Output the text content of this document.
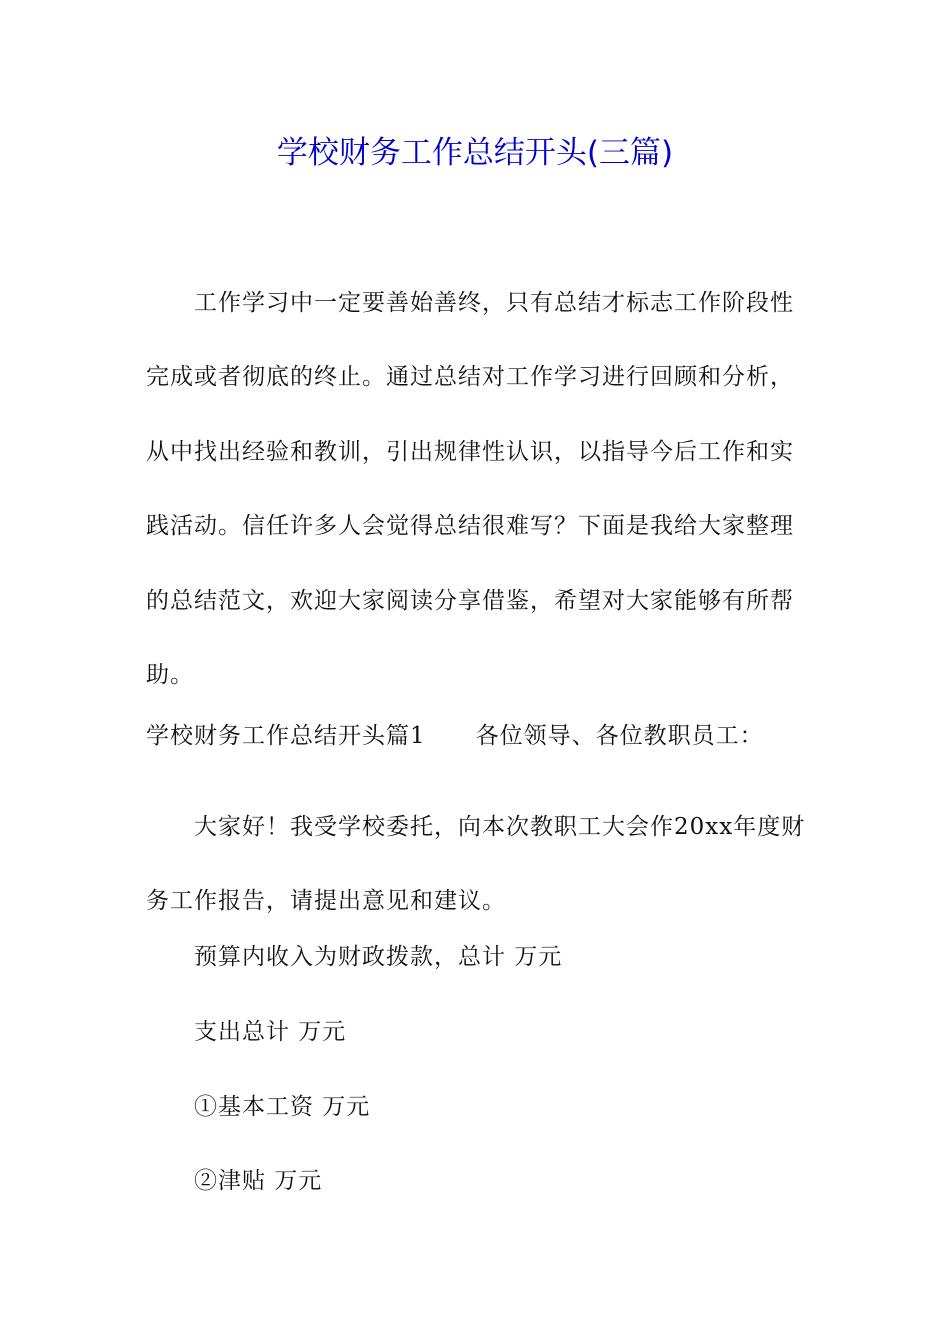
学校财务工作总结开头(三篇)

工作学习中一定要善始善终，只有总结才标志工作阶段性完成或者彻底的终止。通过总结对工作学习进行回顾和分析，从中找出经验和教训，引出规律性认识，以指导今后工作和实践活动。信任许多人会觉得总结很难写？下面是我给大家整理的总结范文，欢迎大家阅读分享借鉴，希望对大家能够有所帮助。

学校财务工作总结开头篇1 各位领导、各位教职员工：

大家好！我受学校委托，向本次教职工大会作20xx年度财务工作报告，请提出意见和建议。

预算内收入为财政拨款，总计 万元
支出总计 万元
①基本工资 万元
②津贴 万元
